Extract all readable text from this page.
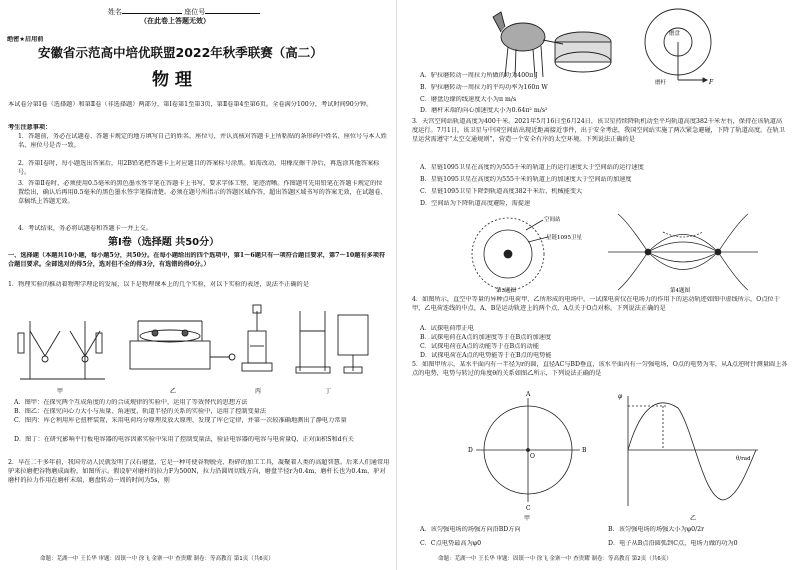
姓名	座位号
（在此卷上答题无效）
绝密★启用前
安徽省示范高中培优联盟2022年秋季联赛（高二）
物 理
本试卷分第Ⅰ卷（选择题）和第Ⅱ卷（非选择题）两部分，第Ⅰ卷第1至第3页，第Ⅱ卷第4至第6页。全卷满分100分，考试时间90分钟。
考生注意事项：
1．答题前，务必在试题卷、答题卡规定的地方填写自己的姓名、座位号，并认真核对答题卡上所粘贴的条形码中姓名、座位号与本人姓名、座位号是否一致。
2．答第Ⅰ卷时，每小题选出答案后，用2B铅笔把答题卡上对应题目的答案标号涂黑。如需改动，用橡皮擦干净后，再选涂其他答案标号。
3．答第Ⅱ卷时，必须使用0.5毫米的黑色墨水签字笔在答题卡上书写，要求字体工整、笔迹清晰。作图题可先用铅笔在答题卡规定的位置绘出，确认后再用0.5毫米的黑色墨水签字笔描清楚。必须在题号所指示的答题区域作答，超出答题区域书写的答案无效，在试题卷、草稿纸上答题无效。
4．考试结束，务必将试题卷和答题卡一并上交。
第Ⅰ卷（选择题 共50分）
一、选择题（本题共10小题，每小题5分，共50分。在每小题给出的四个选项中，第1～6题只有一项符合题目要求，第7～10题有多项符合题目要求。全部选对的得5分，选对但不全的得3分，有选错的得0分。）
1．物理实验的推动着物理学理论的发展，以下是物理课本上的几个实验，对以下实验的表述，说法不正确的是
甲	乙	丙	丁
A．图甲：在探究两个互成角度的力的合成规律的实验中，运用了等效替代的思想方法
B．图乙：在探究向心力大小与质量、角速度、轨道半径的关系的实验中，运用了控制变量法
C．图丙：库仑利用库仑扭秤装置，采用电荷均分原理及放大原理，发现了库仑定律，并第一次较准确地测出了静电力常量
D．图丁：在研究影响平行板电容器的电容因素实验中采用了控制变量法，验证电容器的电容与电荷量Q、正对面积S和d有关
2．早在二千多年前，我国劳动人民就发明了汉石磨盘，它是一种可使谷物脱壳、粉碎的加工工具，凝聚着人类的高超智慧。后来人们通常用驴来拉磨把谷物磨成面粉，如图所示。假设驴对磨杆的拉力F为500N，拉力沿圆周切线方向，磨盘半径r为0.4m，磨杆长也为0.4m，驴对磨杆的拉力作用在磨杆末端，磨盘转动一周的时间为5s，则
命题：芜湖一中 王长华 审题：固镇一中 徐飞 金寨一中 查贵耀 制卷：等高教育 第1页（共6页）
磨盘
磨杆	F
A．驴拉磨转动一周拉力所做的功为400π J
B．驴拉磨转动一周拉力的平均功率为160π W
C．磨盘边缘的线速度大小为π m/s
D．磨杆末端的向心加速度大小为0.64π² m/s²
3．天宫空间站轨道高度为400千米。2021年5月16日至6月24日，该卫星持续降轨机动至平均轨道高度382千米左右，保持在该轨道高度运行。7月1日，该卫星与中国空间站出现近距离接近事件，出于安全考虑，我国空间站实施了两次紧急避碰，下降了轨道高度。在轨卫星运营需遵守“太空交通规则”，营造一个安全有序的太空环境。下列说法正确的是
A．星链1095卫星在高度约为555千米的轨道上的运行速度大于空间站的运行速度
B．星链1095卫星在高度约为555千米的轨道上的加速度大于空间站的加速度
C．星链1095卫星下降到轨道高度382千米后，机械能变大
D．空间站为下降轨道高度避险，需提速
空间站
星链1095卫星
第3题图	第4题图
4．如图所示，直空中等量的异种点电荷甲、乙所形成的电场中，一试探电荷仅在电场力的作用下的运动轨迹如图中虚线所示，O点位于甲、乙电荷连线的中点，A、B是运动轨迹上的两个点，A点关于O点对称。下列说法正确的是
A．试探电荷带正电
B．试探电荷在A点的加速度等于在B点的加速度
C．试探电荷在A点的动能等于在B点的动能
D．试探电荷在A点的电势能等于在B点的电势能
5．如图甲所示，某水平面内有一半径为r的圆，直径AC与BD垂直，该水平面内有一匀强电场，O点的电势为零，从A点逆时针测量圆上各点的电势，电势与转过的角度θ的关系如图乙所示，下列说法正确的是
A
B
C
D
O
甲
φ
θ/rad
乙
A．该匀强电场的场强方向沿BD方向	B．该匀强电场的场强大小为φ0/2r
C．C点电势最高为φ0	D．电子从B点沿圆弧到C点，电场力做的功为0
命题：芜湖一中 王长华 审题：固镇一中 徐飞 金寨一中 查贵耀 制卷：等高教育 第2页（共6页）
